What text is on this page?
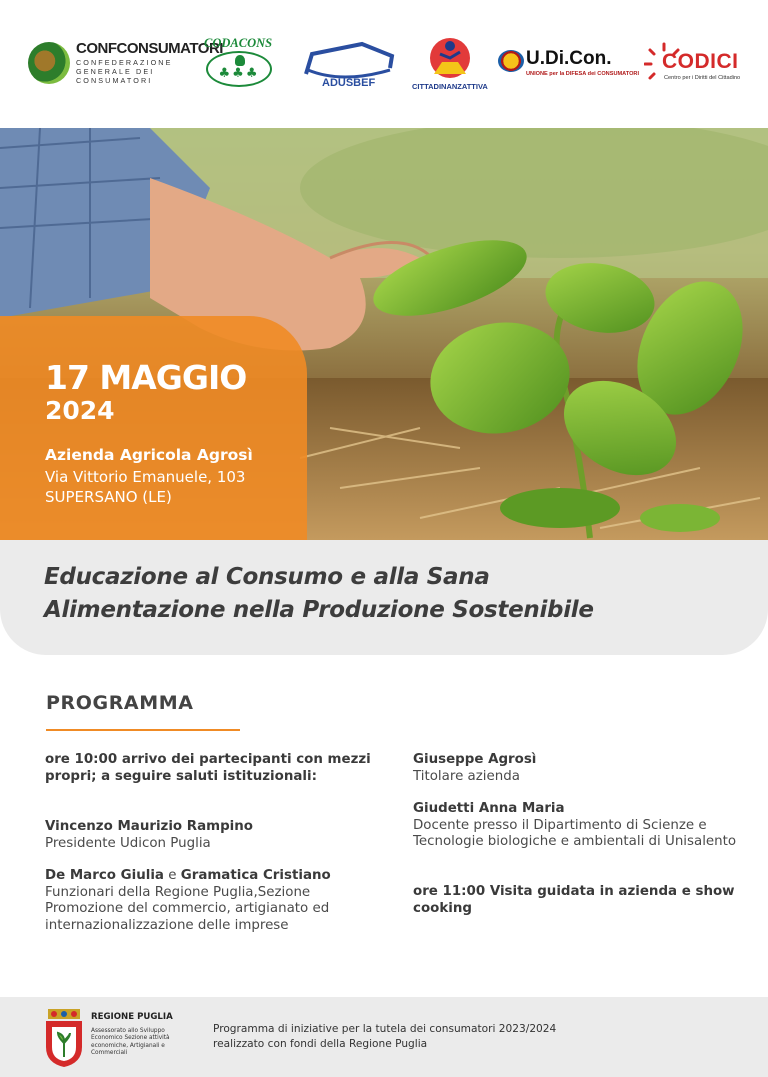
CONFCONSUMATORI
CONFEDERAZIONE GENERALE DEI CONSUMATORI
CODACONS
♣♣♣
ADUSBEF	CITTADINANZATTIVA
U.Di.Con.
UNIONE per la DIFESA dei CONSUMATORI
CODICI
Centro per i Diritti del Cittadino
17 MAGGIO
2024
Azienda Agricola Agrosì
Via Vittorio Emanuele, 103
SUPERSANO (LE)
Educazione al Consumo e alla Sana
Alimentazione nella Produzione Sostenibile
PROGRAMMA
ore 10:00 arrivo dei partecipanti con mezzi propri; a seguire saluti istituzionali:
Vincenzo Maurizio Rampino
Presidente Udicon Puglia
De Marco Giulia e Gramatica Cristiano
Funzionari della Regione Puglia,Sezione Promozione del commercio, artigianato ed internazionalizzazione delle imprese
Giuseppe Agrosì
Titolare azienda
Giudetti Anna Maria
Docente presso il Dipartimento di Scienze e Tecnologie biologiche e ambientali di Unisalento
ore 11:00 Visita guidata in azienda e show cooking
REGIONE PUGLIA
Assessorato allo Sviluppo Economico Sezione attività economiche, Artigianali e Commerciali
Programma di iniziative per la tutela dei consumatori 2023/2024 realizzato con fondi della Regione Puglia
